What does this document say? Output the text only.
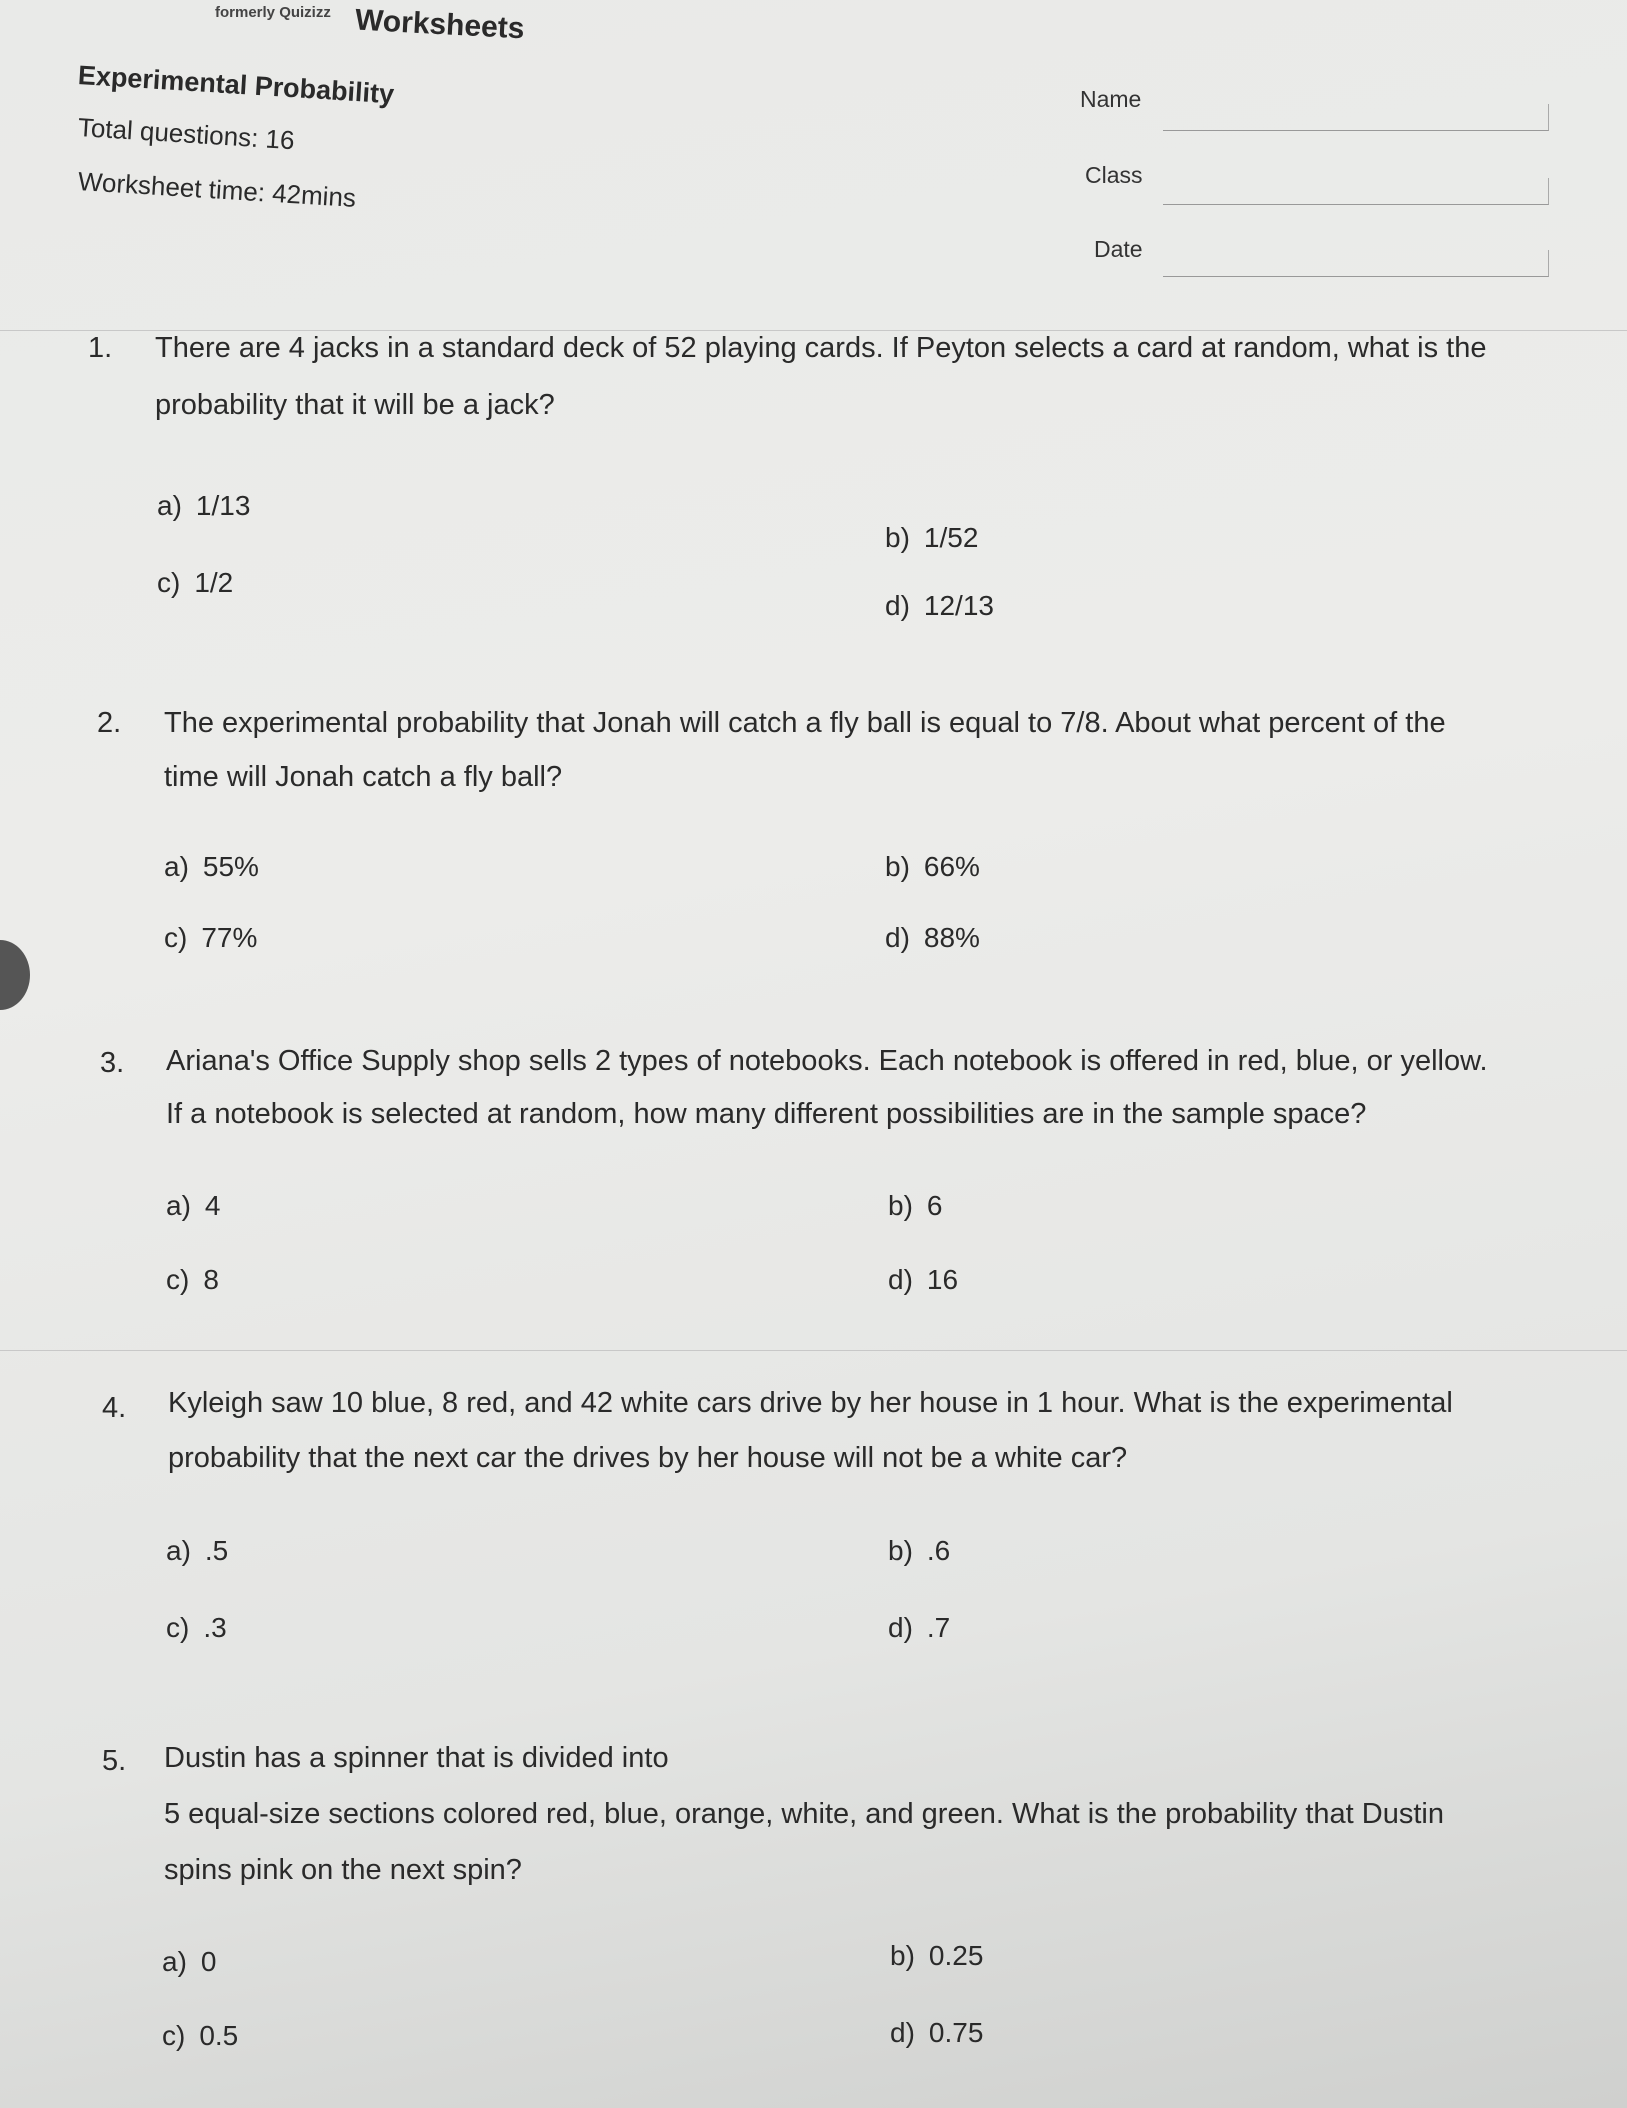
formerly Quizizz Worksheets
Experimental Probability
Total questions: 16
Worksheet time: 42mins
Name
Class
Date
1. There are 4 jacks in a standard deck of 52 playing cards. If Peyton selects a card at random, what is the
probability that it will be a jack?
a) 1/13
b) 1/52
c) 1/2
d) 12/13
2. The experimental probability that Jonah will catch a fly ball is equal to 7/8. About what percent of the
time will Jonah catch a fly ball?
a) 55%	b) 66%
c) 77%	d) 88%
3. Ariana's Office Supply shop sells 2 types of notebooks. Each notebook is offered in red, blue, or yellow.
If a notebook is selected at random, how many different possibilities are in the sample space?
a) 4	b) 6
c) 8	d) 16
4. Kyleigh saw 10 blue, 8 red, and 42 white cars drive by her house in 1 hour. What is the experimental
probability that the next car the drives by her house will not be a white car?
a) .5	b) .6
c) .3	d) .7
5. Dustin has a spinner that is divided into
5 equal-size sections colored red, blue, orange, white, and green. What is the probability that Dustin
spins pink on the next spin?
a) 0	b) 0.25
c) 0.5	d) 0.75
